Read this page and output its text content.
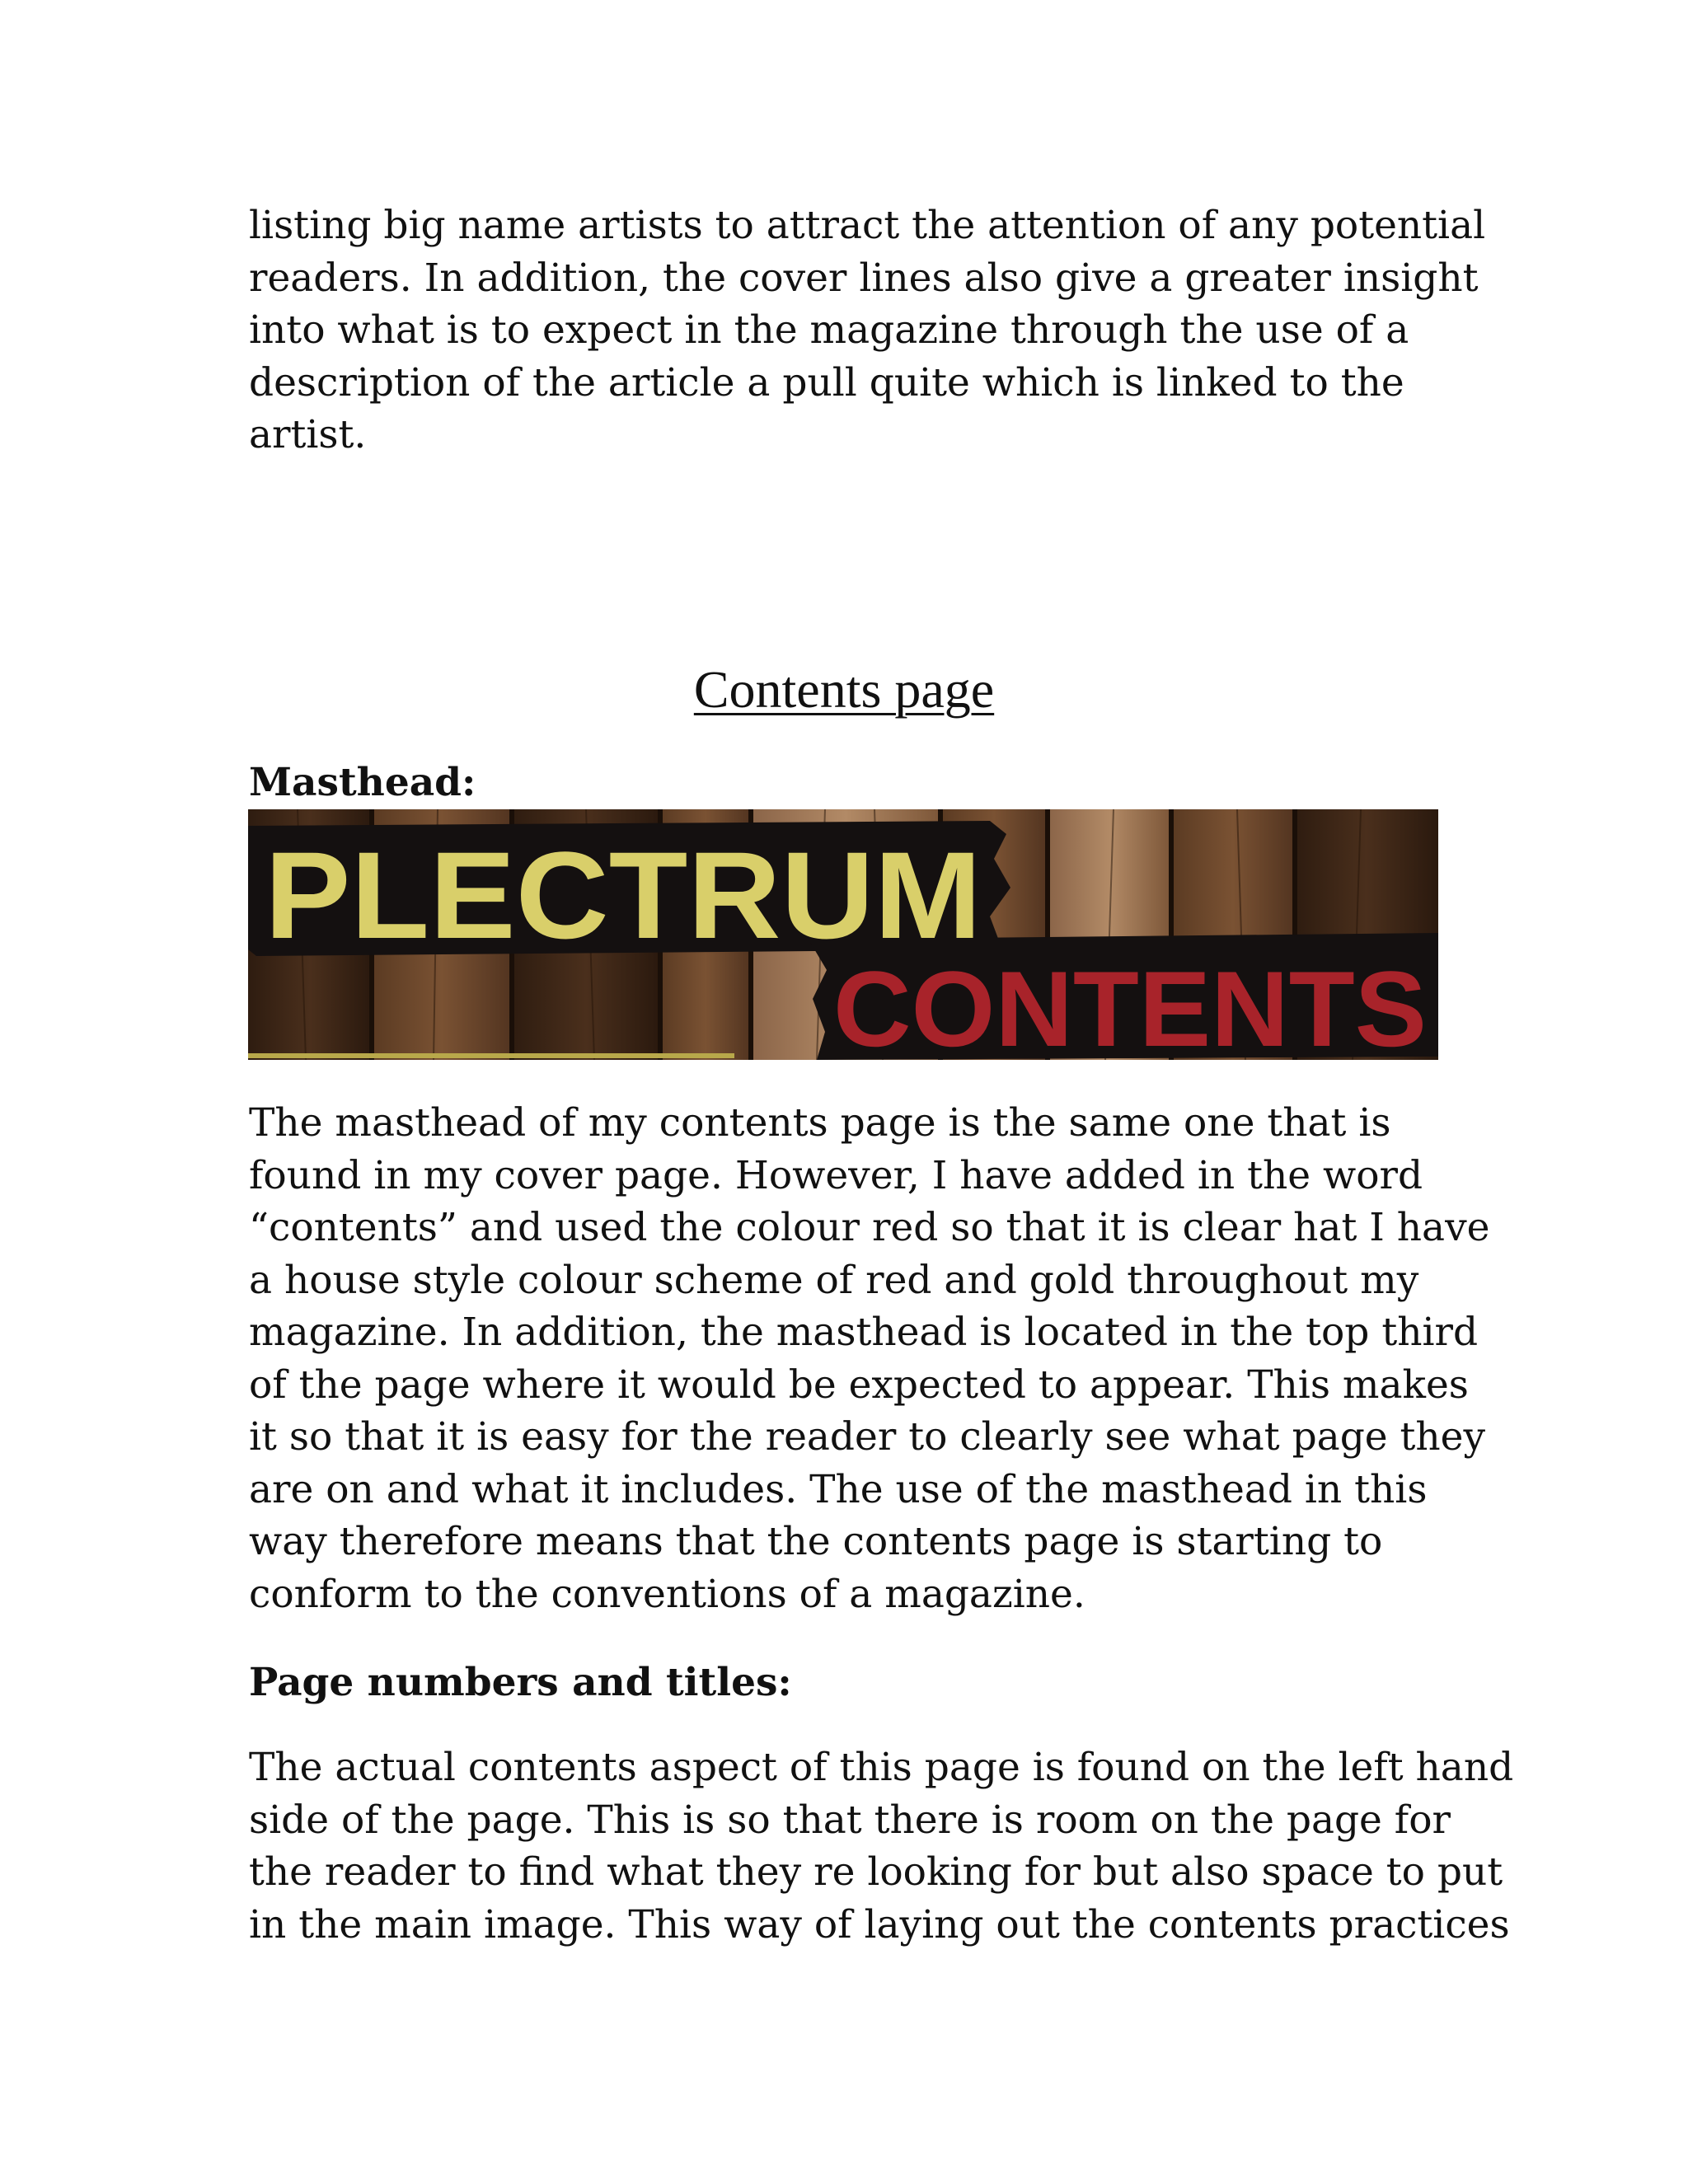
listing big name artists to attract the attention of any potential
readers. In addition, the cover lines also give a greater insight
into what is to expect in the magazine through the use of a
description of the article a pull quite which is linked to the
artist.
Contents page

Masthead:

PLECTRUM
CONTENTS
The masthead of my contents page is the same one that is
found in my cover page. However, I have added in the word
“contents” and used the colour red so that it is clear hat I have
a house style colour scheme of red and gold throughout my
magazine. In addition, the masthead is located in the top third
of the page where it would be expected to appear. This makes
it so that it is easy for the reader to clearly see what page they
are on and what it includes. The use of the masthead in this
way therefore means that the contents page is starting to
conform to the conventions of a magazine.

Page numbers and titles:

The actual contents aspect of this page is found on the left hand
side of the page. This is so that there is room on the page for
the reader to find what they re looking for but also space to put
in the main image. This way of laying out the contents practices
